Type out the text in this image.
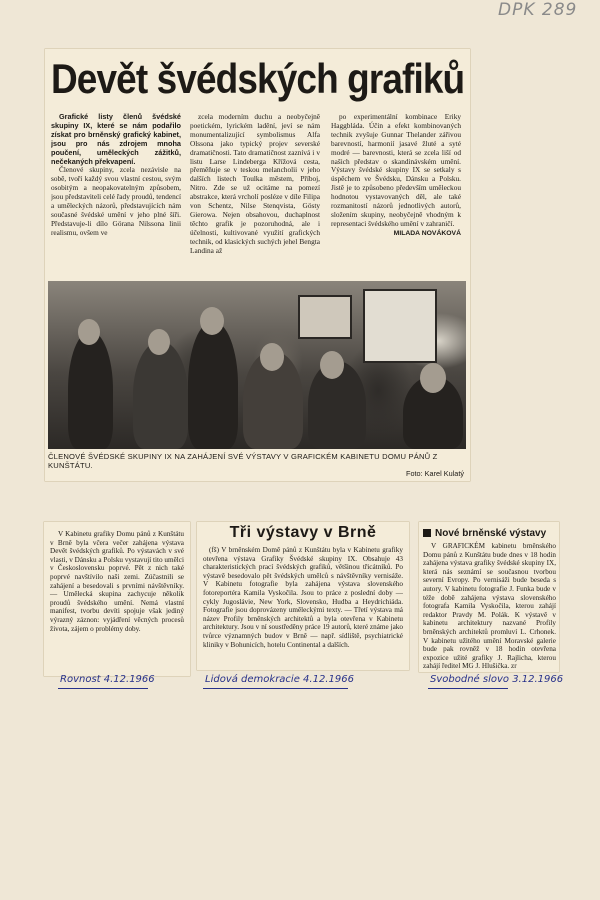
DPK 289
Devět švédských grafiků

Grafické listy členů švédské skupiny IX, které se nám podařilo získat pro brněnský grafický kabinet, jsou pro nás zdrojem mnoha poučení, uměleckých zážitků, nečekaných překvapení.

Členové skupiny, zcela nezávisle na sobě, tvoří každý svou vlastní cestou, svým osobitým a neopakovatelným způsobem, jsou představiteli celé řady proudů, tendencí a uměleckých názorů, představujících nám současné švédské umění v jeho plné šíři. Představuje-li dílo Görana Nilssona linii realismu, ovšem ve

zcela moderním duchu a neobyčejně poetickém, lyrickém ladění, jeví se nám monumentalizující symbolismus Alfa Olssona jako typický projev severské dramatičnosti. Tato dramatičnost zaznívá i v listu Larse Lindeberga Křížová cesta, přeměňuje se v teskou melancholii v jeho dalších listech Toulka městem, Příboj, Nitro. Zde se už ocitáme na pomezí abstrakce, která vrcholí posléze v díle Filipa von Schentz, Nilse Stenqvista, Gösty Gierowa. Nejen obsahovou, duchaplnost těchto grafik je pozoruhodná, ale i účelnosti, kultivované využití grafických technik, od klasických suchých jehel Bengta Landina až

po experimentální kombinace Eriky Haggbláda. Účin a efekt kombinovaných technik zvyšuje Gunnar Thelander zářivou barevností, harmonií jasavé žluté a syté modré — barevnosti, která se zcela liší od našich představ o skandinávském umění. Výstavy švédské skupiny IX se setkaly s úspěchem ve Švédsku, Dánsku a Polsku. Jistě je to způsobeno především uměleckou hodnotou vystavovaných děl, ale také rozmanitostí názorů jednotlivých autorů, složením skupiny, neobyčejně vhodným k representaci švédského umění v zahraničí.

MILADA NOVÁKOVÁ
ČLENOVÉ ŠVÉDSKÉ SKUPINY IX NA ZAHÁJENÍ SVÉ VÝSTAVY V GRAFICKÉM KABINETU DOMU PÁNŮ Z KUNŠTÁTU.
Foto: Karel Kulatý

V Kabinetu grafiky Domu pánů z Kunštátu v Brně byla včera večer zahájena výstava Devět švédských grafiků. Po výstavách v své vlasti, v Dánsku a Polsku vystavují tito umělci v Československu poprvé. Pět z nich také poprvé navštívilo naši zemi. Zúčastnili se zahájení a besedovali s prvními návštěvníky. — Umělecká skupina zachycuje několik proudů švédského umění. Nemá vlastní manifest, tvorbu devíti spojuje však jediný výrazný záznon: vyjádření věcných procesů života, zájem o problémy doby.

Rovnost 4.12.1966
Tři výstavy v Brně

(fš) V brněnském Domě pánů z Kunštátu byla v Kabinetu grafiky otevřena výstava Grafiky Švédské skupiny IX. Obsahuje 43 charakteristických prací švédských grafiků, většinou třicátníků. Po výstavě besedovalo pět švédských umělců s návštěvníky vernisáže. V Kabinetu fotografie byla zahájena výstava slovenského fotoreportéra Kamila Vyskočila. Jsou to práce z poslední doby — cykly Jugoslávie, New York, Slovensko, Hudba a Heydrichiáda. Fotografie jsou doprovázeny uměleckými texty. — Třetí výstava má název Profily brněnských architektů a byla otevřena v Kabinetu architektury. Jsou v ní soustředěny práce 19 autorů, které známe jako tvůrce významných budov v Brně — např. sídliště, psychiatrické kliniky v Bohunicích, hotelu Continental a dalších.

Lidová demokracie 4.12.1966
Nové brněnské výstavy

V GRAFICKÉM kabinetu brněnského Domu pánů z Kunštátu bude dnes v 18 hodin zahájena výstava grafiky švédské skupiny IX, která nás seznámí se současnou tvorbou severní Evropy. Po vernisáži bude beseda s autory. V kabinetu fotografie J. Funka bude v téže době zahájena výstava slovenského fotografa Kamila Vyskočila, kterou zahájí redaktor Pravdy M. Polák. K výstavě v kabinetu architektury nazvané Profily brněnských architektů promluví L. Crhonek. V kabinetu užitého umění Moravské galerie bude pak rovněž v 18 hodin otevřena expozice užité grafiky J. Rajlicha, kterou zahájí ředitel MG J. Hlušička. zr

Svobodné slovo 3.12.1966
